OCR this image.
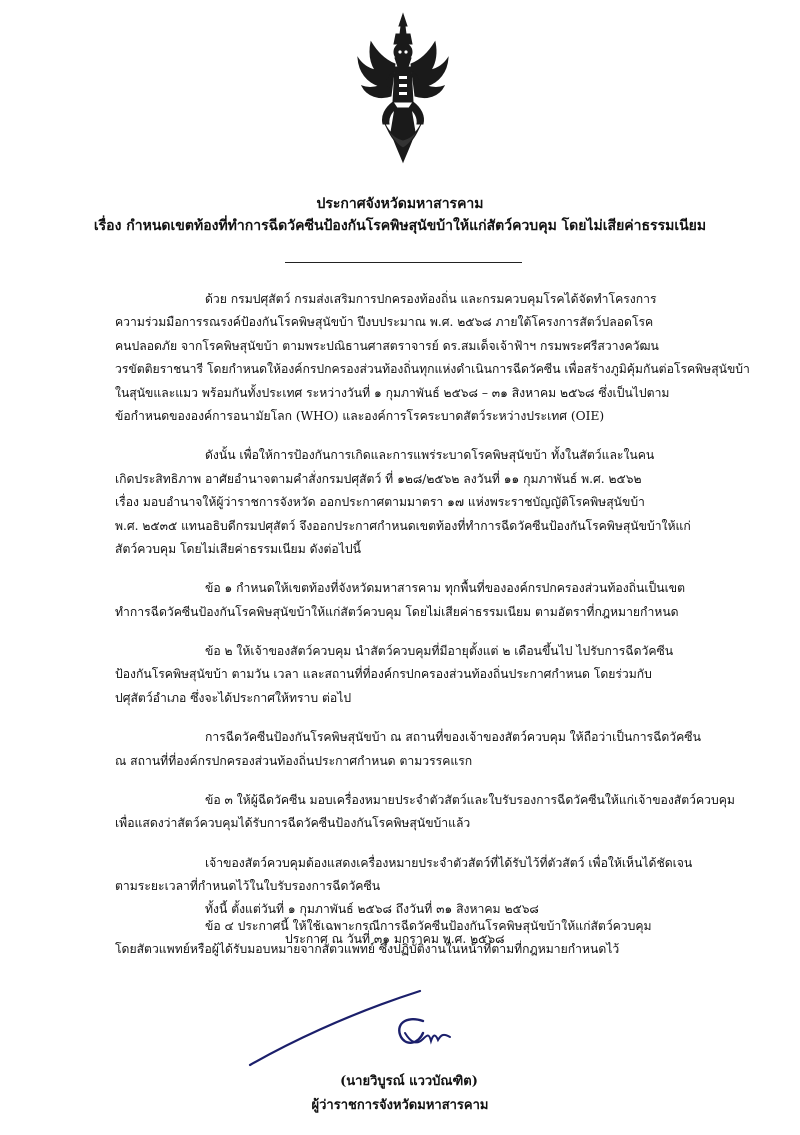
ประกาศจังหวัดมหาสารคาม
เรื่อง กำหนดเขตท้องที่ทำการฉีดวัคซีนป้องกันโรคพิษสุนัขบ้าให้แก่สัตว์ควบคุม โดยไม่เสียค่าธรรมเนียม
ด้วย กรมปศุสัตว์ กรมส่งเสริมการปกครองท้องถิ่น และกรมควบคุมโรคได้จัดทำโครงการ
ความร่วมมือการรณรงค์ป้องกันโรคพิษสุนัขบ้า ปีงบประมาณ พ.ศ. ๒๕๖๘ ภายใต้โครงการสัตว์ปลอดโรค
คนปลอดภัย จากโรคพิษสุนัขบ้า ตามพระปณิธานศาสตราจารย์ ดร.สมเด็จเจ้าฟ้าฯ กรมพระศรีสวางควัฒน
วรขัตติยราชนารี โดยกำหนดให้องค์กรปกครองส่วนท้องถิ่นทุกแห่งดำเนินการฉีดวัคซีน เพื่อสร้างภูมิคุ้มกันต่อโรคพิษสุนัขบ้า
ในสุนัขและแมว พร้อมกันทั้งประเทศ ระหว่างวันที่ ๑ กุมภาพันธ์ ๒๕๖๘ – ๓๑ สิงหาคม ๒๕๖๘ ซึ่งเป็นไปตาม
ข้อกำหนดขององค์การอนามัยโลก (WHO) และองค์การโรคระบาดสัตว์ระหว่างประเทศ (OIE)
ดังนั้น เพื่อให้การป้องกันการเกิดและการแพร่ระบาดโรคพิษสุนัขบ้า ทั้งในสัตว์และในคน
เกิดประสิทธิภาพ อาศัยอำนาจตามคำสั่งกรมปศุสัตว์ ที่ ๑๒๘/๒๕๖๒ ลงวันที่ ๑๑ กุมภาพันธ์ พ.ศ. ๒๕๖๒
เรื่อง มอบอำนาจให้ผู้ว่าราชการจังหวัด ออกประกาศตามมาตรา ๑๗ แห่งพระราชบัญญัติโรคพิษสุนัขบ้า
พ.ศ. ๒๕๓๕ แทนอธิบดีกรมปศุสัตว์ จึงออกประกาศกำหนดเขตท้องที่ทำการฉีดวัคซีนป้องกันโรคพิษสุนัขบ้าให้แก่
สัตว์ควบคุม โดยไม่เสียค่าธรรมเนียม ดังต่อไปนี้
ข้อ ๑ กำหนดให้เขตท้องที่จังหวัดมหาสารคาม ทุกพื้นที่ขององค์กรปกครองส่วนท้องถิ่นเป็นเขต
ทำการฉีดวัคซีนป้องกันโรคพิษสุนัขบ้าให้แก่สัตว์ควบคุม โดยไม่เสียค่าธรรมเนียม ตามอัตราที่กฎหมายกำหนด
ข้อ ๒ ให้เจ้าของสัตว์ควบคุม นำสัตว์ควบคุมที่มีอายุตั้งแต่ ๒ เดือนขึ้นไป ไปรับการฉีดวัคซีน
ป้องกันโรคพิษสุนัขบ้า ตามวัน เวลา และสถานที่ที่องค์กรปกครองส่วนท้องถิ่นประกาศกำหนด โดยร่วมกับ
ปศุสัตว์อำเภอ ซึ่งจะได้ประกาศให้ทราบ ต่อไป
การฉีดวัคซีนป้องกันโรคพิษสุนัขบ้า ณ สถานที่ของเจ้าของสัตว์ควบคุม ให้ถือว่าเป็นการฉีดวัคซีน
ณ สถานที่ที่องค์กรปกครองส่วนท้องถิ่นประกาศกำหนด ตามวรรคแรก
ข้อ ๓ ให้ผู้ฉีดวัคซีน มอบเครื่องหมายประจำตัวสัตว์และใบรับรองการฉีดวัคซีนให้แก่เจ้าของสัตว์ควบคุม
เพื่อแสดงว่าสัตว์ควบคุมได้รับการฉีดวัคซีนป้องกันโรคพิษสุนัขบ้าแล้ว
เจ้าของสัตว์ควบคุมต้องแสดงเครื่องหมายประจำตัวสัตว์ที่ได้รับไว้ที่ตัวสัตว์ เพื่อให้เห็นได้ชัดเจน
ตามระยะเวลาที่กำหนดไว้ในใบรับรองการฉีดวัคซีน
ข้อ ๔ ประกาศนี้ ให้ใช้เฉพาะกรณีการฉีดวัคซีนป้องกันโรคพิษสุนัขบ้าให้แก่สัตว์ควบคุม
โดยสัตวแพทย์หรือผู้ได้รับมอบหมายจากสัตวแพทย์ ซึ่งปฏิบัติงานในหน้าที่ตามที่กฎหมายกำหนดไว้
ทั้งนี้ ตั้งแต่วันที่ ๑ กุมภาพันธ์ ๒๕๖๘ ถึงวันที่ ๓๑ สิงหาคม ๒๕๖๘
ประกาศ ณ วันที่ ๓๑ มกราคม พ.ศ. ๒๕๖๘
(นายวิบูรณ์ แววบัณฑิต)
ผู้ว่าราชการจังหวัดมหาสารคาม
